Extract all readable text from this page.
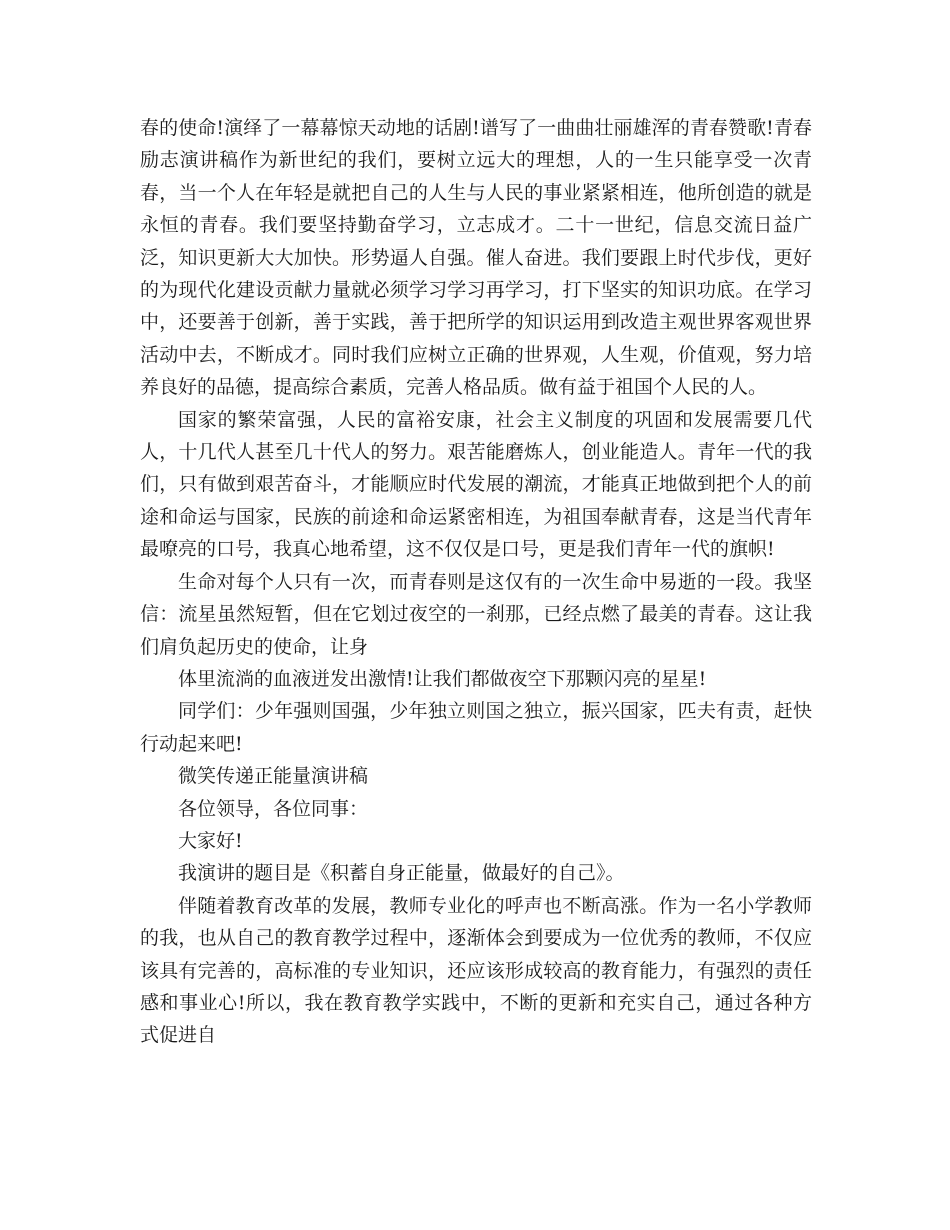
春的使命!演绎了一幕幕惊天动地的话剧!谱写了一曲曲壮丽雄浑的青春赞歌!青春励志演讲稿作为新世纪的我们，要树立远大的理想，人的一生只能享受一次青春，当一个人在年轻是就把自己的人生与人民的事业紧紧相连，他所创造的就是永恒的青春。我们要坚持勤奋学习，立志成才。二十一世纪，信息交流日益广泛，知识更新大大加快。形势逼人自强。催人奋进。我们要跟上时代步伐，更好的为现代化建设贡献力量就必须学习学习再学习，打下坚实的知识功底。在学习中，还要善于创新，善于实践，善于把所学的知识运用到改造主观世界客观世界活动中去，不断成才。同时我们应树立正确的世界观，人生观，价值观，努力培养良好的品德，提高综合素质，完善人格品质。做有益于祖国个人民的人。

国家的繁荣富强，人民的富裕安康，社会主义制度的巩固和发展需要几代人，十几代人甚至几十代人的努力。艰苦能磨炼人，创业能造人。青年一代的我们，只有做到艰苦奋斗，才能顺应时代发展的潮流，才能真正地做到把个人的前途和命运与国家，民族的前途和命运紧密相连，为祖国奉献青春，这是当代青年最嘹亮的口号，我真心地希望，这不仅仅是口号，更是我们青年一代的旗帜!

生命对每个人只有一次，而青春则是这仅有的一次生命中易逝的一段。我坚信：流星虽然短暂，但在它划过夜空的一刹那，已经点燃了最美的青春。这让我们肩负起历史的使命，让身

体里流淌的血液迸发出激情!让我们都做夜空下那颗闪亮的星星!

同学们：少年强则国强，少年独立则国之独立，振兴国家，匹夫有责，赶快行动起来吧!

微笑传递正能量演讲稿

各位领导，各位同事：

大家好!

我演讲的题目是《积蓄自身正能量，做最好的自己》。

伴随着教育改革的发展，教师专业化的呼声也不断高涨。作为一名小学教师的我，也从自己的教育教学过程中，逐渐体会到要成为一位优秀的教师，不仅应该具有完善的，高标准的专业知识，还应该形成较高的教育能力，有强烈的责任感和事业心!所以，我在教育教学实践中，不断的更新和充实自己，通过各种方式促进自
